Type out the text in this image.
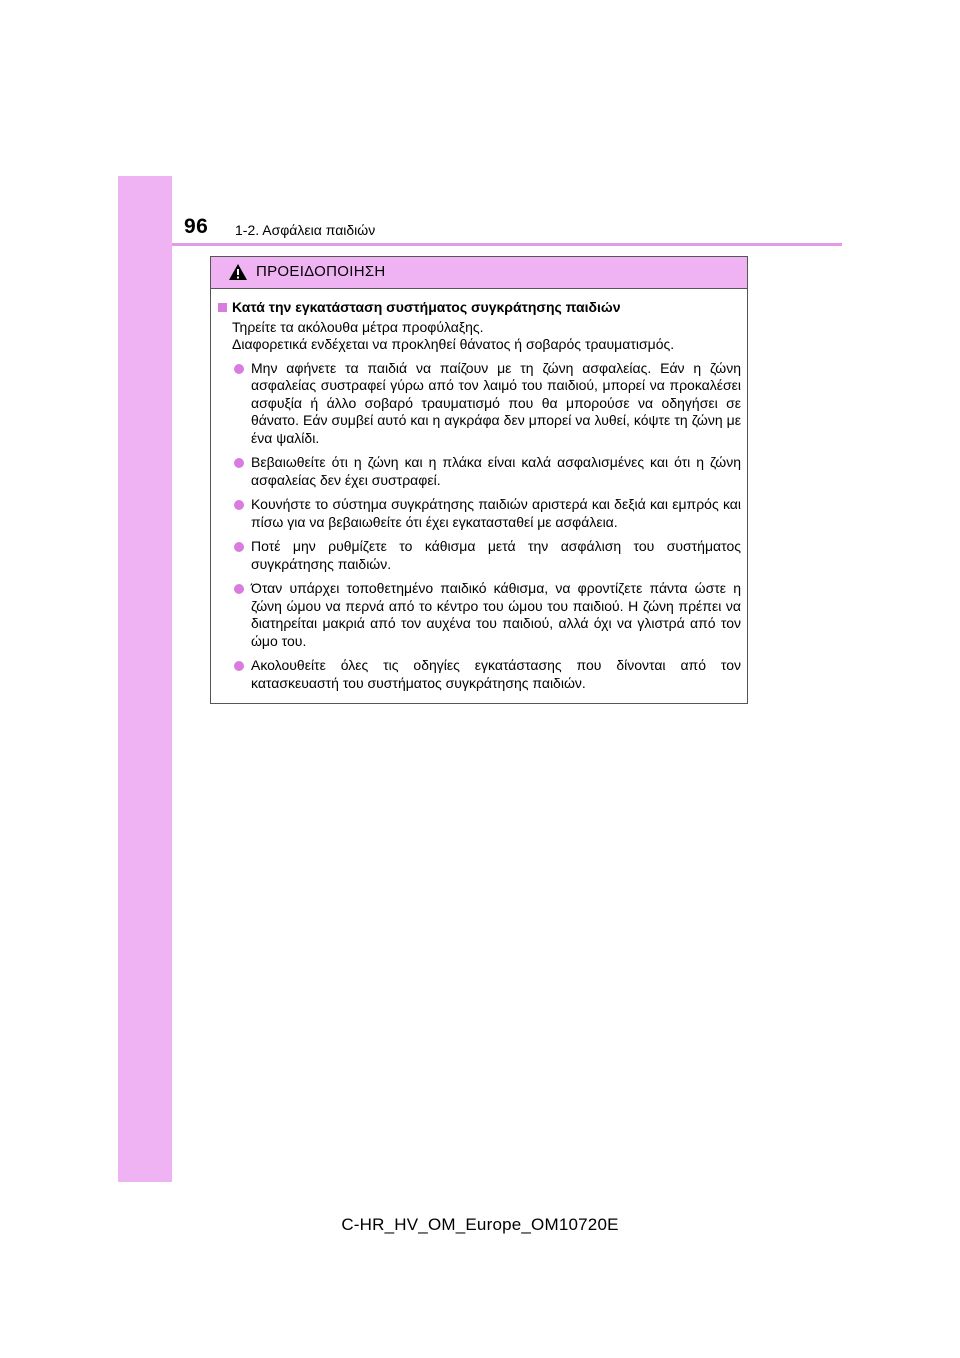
96 1-2. Ασφάλεια παιδιών
ΠΡΟΕΙΔΟΠΟΙΗΣΗ
Κατά την εγκατάσταση συστήματος συγκράτησης παιδιών
Τηρείτε τα ακόλουθα μέτρα προφύλαξης.
Διαφορετικά ενδέχεται να προκληθεί θάνατος ή σοβαρός τραυματισμός.
Μην αφήνετε τα παιδιά να παίζουν με τη ζώνη ασφαλείας. Εάν η ζώνη ασφαλείας συστραφεί γύρω από τον λαιμό του παιδιού, μπορεί να προκαλέσει ασφυξία ή άλλο σοβαρό τραυματισμό που θα μπορούσε να οδηγήσει σε θάνατο. Εάν συμβεί αυτό και η αγκράφα δεν μπορεί να λυθεί, κόψτε τη ζώνη με ένα ψαλίδι.
Βεβαιωθείτε ότι η ζώνη και η πλάκα είναι καλά ασφαλισμένες και ότι η ζώνη ασφαλείας δεν έχει συστραφεί.
Κουνήστε το σύστημα συγκράτησης παιδιών αριστερά και δεξιά και εμπρός και πίσω για να βεβαιωθείτε ότι έχει εγκατασταθεί με ασφάλεια.
Ποτέ μην ρυθμίζετε το κάθισμα μετά την ασφάλιση του συστήματος συγκράτησης παιδιών.
Όταν υπάρχει τοποθετημένο παιδικό κάθισμα, να φροντίζετε πάντα ώστε η ζώνη ώμου να περνά από το κέντρο του ώμου του παιδιού. Η ζώνη πρέπει να διατηρείται μακριά από τον αυχένα του παιδιού, αλλά όχι να γλιστρά από τον ώμο του.
Ακολουθείτε όλες τις οδηγίες εγκατάστασης που δίνονται από τον κατασκευαστή του συστήματος συγκράτησης παιδιών.
C-HR_HV_OM_Europe_OM10720E
